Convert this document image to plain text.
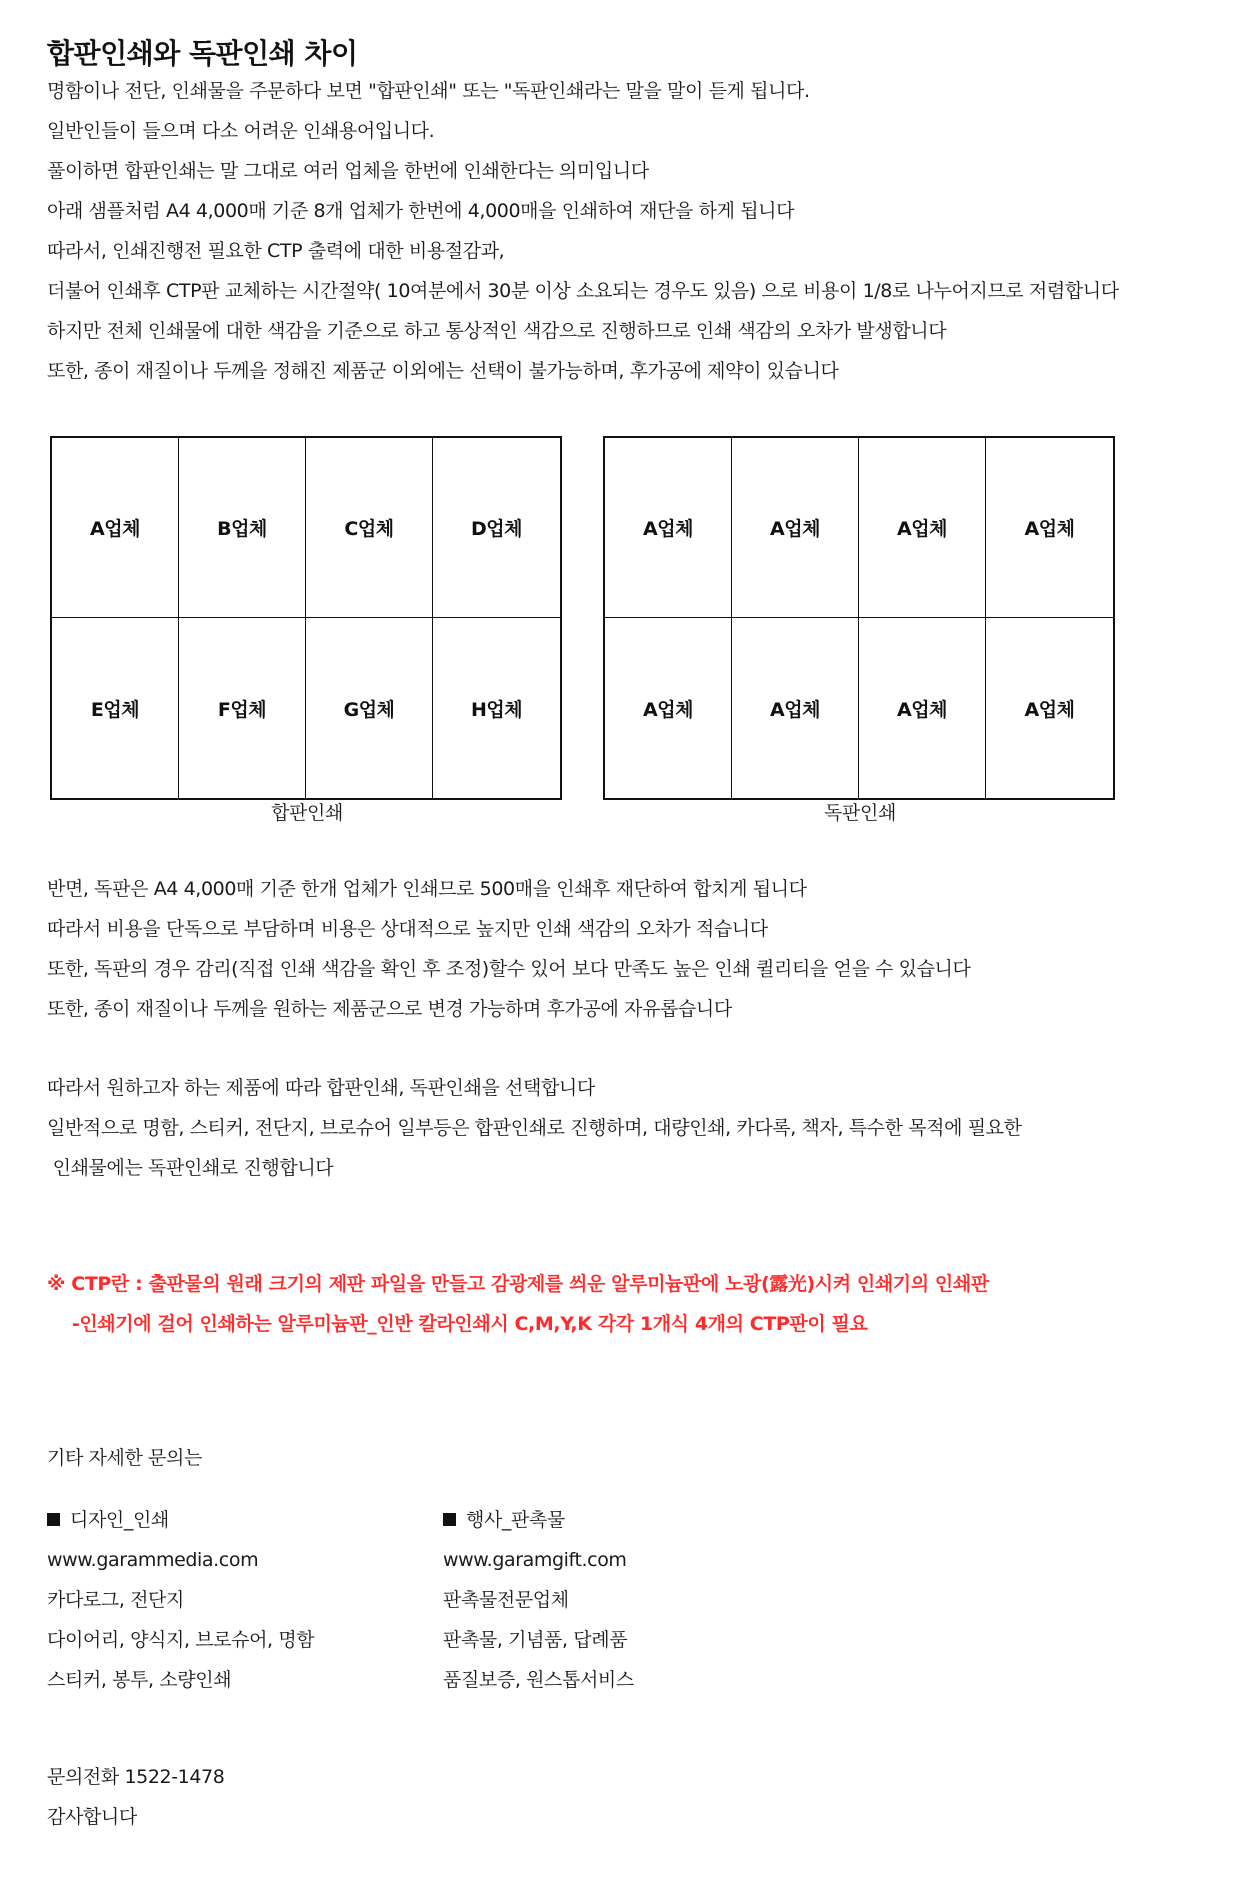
합판인쇄와 독판인쇄 차이
명함이나 전단, 인쇄물을 주문하다 보면 "합판인쇄" 또는 "독판인쇄라는 말을 말이 듣게 됩니다.
일반인들이 들으며 다소 어려운 인쇄용어입니다.
풀이하면 합판인쇄는 말 그대로 여러 업체을 한번에 인쇄한다는 의미입니다
아래 샘플처럼 A4 4,000매 기준 8개 업체가 한번에 4,000매을 인쇄하여 재단을 하게 됩니다
따라서, 인쇄진행전 필요한 CTP 출력에 대한 비용절감과,
더불어 인쇄후 CTP판 교체하는 시간절약( 10여분에서 30분 이상 소요되는 경우도 있음) 으로 비용이 1/8로 나누어지므로 저렴합니다
하지만 전체 인쇄물에 대한 색감을 기준으로 하고 통상적인 색감으로 진행하므로 인쇄 색감의 오차가 발생합니다
또한, 종이 재질이나 두께을 정해진 제품군 이외에는 선택이 불가능하며, 후가공에 제약이 있습니다
A업체	B업체	C업체	D업체
E업체	F업체	G업체	H업체
합판인쇄
A업체	A업체	A업체	A업체
A업체	A업체	A업체	A업체
독판인쇄
반면, 독판은 A4 4,000매 기준 한개 업체가 인쇄므로 500매을 인쇄후 재단하여 합치게 됩니다
따라서 비용을 단독으로 부담하며 비용은 상대적으로 높지만 인쇄 색감의 오차가 적습니다
또한, 독판의 경우 감리(직접 인쇄 색감을 확인 후 조정)할수 있어 보다 만족도 높은 인쇄 퀼리티을 얻을 수 있습니다
또한, 종이 재질이나 두께을 원하는 제품군으로 변경 가능하며 후가공에 자유롭습니다
따라서 원하고자 하는 제품에 따라 합판인쇄, 독판인쇄을 선택합니다
일반적으로 명함, 스티커, 전단지, 브로슈어 일부등은 합판인쇄로 진행하며, 대량인쇄, 카다록, 책자, 특수한 목적에 필요한
인쇄물에는 독판인쇄로 진행합니다
※ CTP란 : 출판물의 원래 크기의 제판 파일을 만들고 감광제를 씌운 알루미늄판에 노광(露光)시켜 인쇄기의 인쇄판
-인쇄기에 걸어 인쇄하는 알루미늄판_인반 칼라인쇄시 C,M,Y,K 각각 1개식 4개의 CTP판이 필요
기타 자세한 문의는
디자인_인쇄
www.garammedia.com
카다로그, 전단지
다이어리, 양식지, 브로슈어, 명함
스티커, 봉투, 소량인쇄
행사_판촉물
www.garamgift.com
판촉물전문업체
판촉물, 기념품, 답례품
품질보증, 원스톱서비스
문의전화 1522-1478
감사합니다
